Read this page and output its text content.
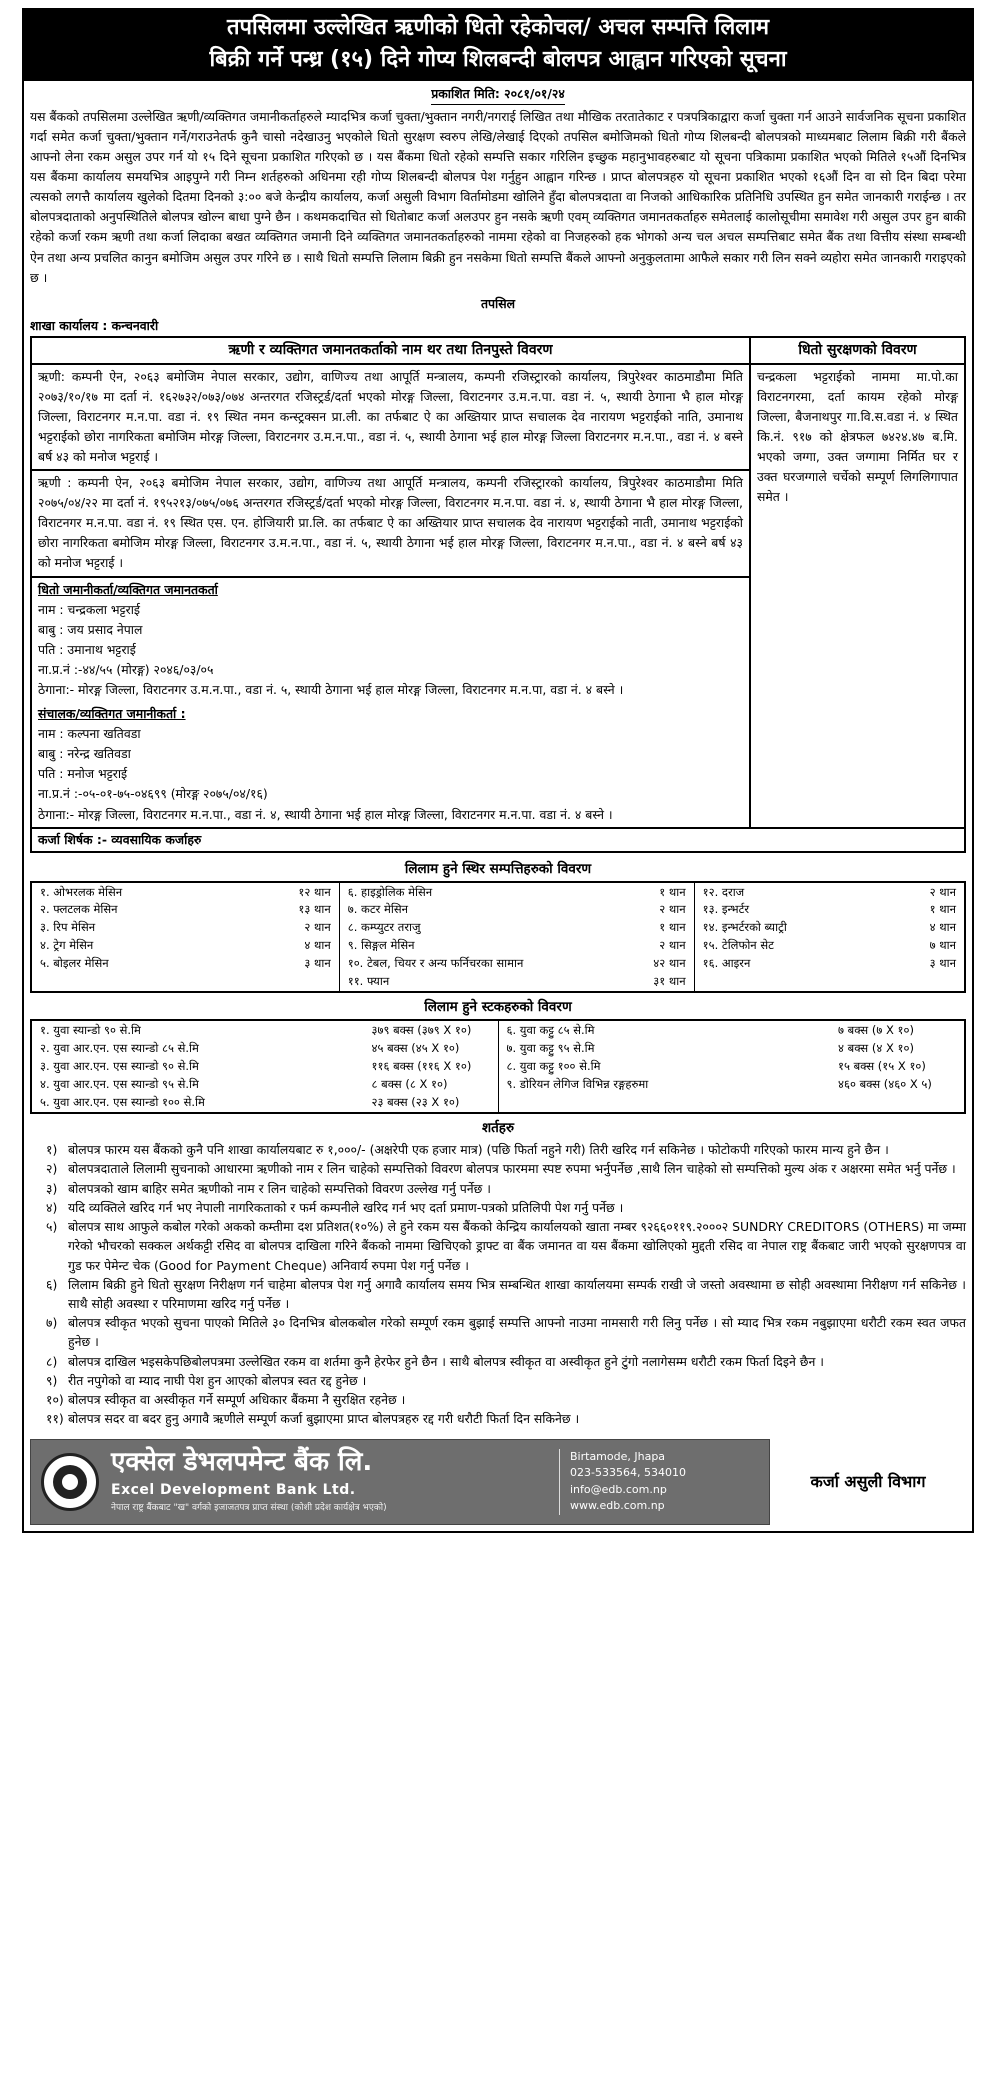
तपसिलमा उल्लेखित ऋणीको धितो रहेकोचल/ अचल सम्पत्ति लिलाम
बिक्री गर्ने पन्ध्र (१५) दिने गोप्य शिलबन्दी बोलपत्र आह्वान गरिएको सूचना
प्रकाशित मिति: २०८१/०१/२४

यस बैंकको तपसिलमा उल्लेखित ऋणी/व्यक्तिगत जमानीकर्ताहरुले म्यादभित्र कर्जा चुक्ता/भुक्तान नगरी/नगराई लिखित तथा मौखिक तरतातेकाट र पत्रपत्रिकाद्वारा कर्जा चुक्ता गर्न आउने सार्वजनिक सूचना प्रकाशित गर्दा समेत कर्जा चुक्ता/भुक्तान गर्ने/गराउनेतर्फ कुनै चासो नदेखाउनु भएकोले धितो सुरक्षण स्वरुप लेखि/लेखाई दिएको तपसिल बमोजिमको धितो गोप्य शिलबन्दी बोलपत्रको माध्यमबाट लिलाम बिक्री गरी बैंकले आफ्नो लेना रकम असुल उपर गर्न यो १५ दिने सूचना प्रकाशित गरिएको छ । यस बैंकमा धितो रहेको सम्पत्ति सकार गरिलिन इच्छुक महानुभावहरुबाट यो सूचना पत्रिकामा प्रकाशित भएको मितिले १५औं दिनभित्र यस बैंकमा कार्यालय समयभित्र आइपुग्ने गरी निम्न शर्तहरुको अधिनमा रही गोप्य शिलबन्दी बोलपत्र पेश गर्नुहुन आह्वान गरिन्छ । प्राप्त बोलपत्रहरु यो सूचना प्रकाशित भएको १६औं दिन वा सो दिन बिदा परेमा त्यसको लगत्तै कार्यालय खुलेको दितमा दिनको ३:०० बजे केन्द्रीय कार्यालय, कर्जा असुली विभाग विर्तामोडमा खोलिने हुँदा बोलपत्रदाता वा निजको आधिकारिक प्रतिनिधि उपस्थित हुन समेत जानकारी गराईन्छ । तर बोलपत्रदाताको अनुपस्थितिले बोलपत्र खोल्न बाधा पुग्ने छैन । कथमकदाचित सो धितोबाट कर्जा अलउपर हुन नसके ऋणी एवम् व्यक्तिगत जमानतकर्ताहरु समेतलाई कालोसूचीमा समावेश गरी असुल उपर हुन बाकी रहेको कर्जा रकम ऋणी तथा कर्जा लिदाका बखत व्यक्तिगत जमानी दिने व्यक्तिगत जमानतकर्ताहरुको नाममा रहेको वा निजहरुको हक भोगको अन्य चल अचल सम्पत्तिबाट समेत बैंक तथा वित्तीय संस्था सम्बन्धी ऐन तथा अन्य प्रचलित कानुन बमोजिम असुल उपर गरिने छ । साथै धितो सम्पत्ति लिलाम बिक्री हुन नसकेमा धितो सम्पत्ति बैंकले आफ्नो अनुकुलतामा आफैले सकार गरी लिन सक्ने व्यहोरा समेत जानकारी गराइएको छ ।

तपसिल
शाखा कार्यालय : कन्चनवारी
ऋणी र व्यक्तिगत जमानतकर्ताको नाम थर तथा तिनपुस्ते विवरण
ऋणी: कम्पनी ऐन, २०६३ बमोजिम नेपाल सरकार, उद्योग, वाणिज्य तथा आपूर्ति मन्त्रालय, कम्पनी रजिस्ट्रारको कार्यालय, त्रिपुरेश्वर काठमाडौमा मिति २०७३/१०/१७ मा दर्ता नं. १६२७३२/०७३/०७४ अन्तरगत रजिस्ट्रर्ड/दर्ता भएको मोरङ्ग जिल्ला, विराटनगर उ.म.न.पा. वडा नं. ५, स्थायी ठेगाना भै हाल मोरङ्ग जिल्ला, विराटनगर म.न.पा. वडा नं. १९ स्थित नमन कन्स्ट्रक्सन प्रा.ली. का तर्फबाट ऐ का अख्तियार प्राप्त सचालक देव नारायण भट्टराईको नाति, उमानाथ भट्टराईको छोरा नागरिकता बमोजिम मोरङ्ग जिल्ला, विराटनगर उ.म.न.पा., वडा नं. ५, स्थायी ठेगाना भई हाल मोरङ्ग जिल्ला विराटनगर म.न.पा., वडा नं. ४ बस्ने बर्ष ४३ को मनोज भट्टराई ।
ऋणी : कम्पनी ऐन, २०६३ बमोजिम नेपाल सरकार, उद्योग, वाणिज्य तथा आपूर्ति मन्त्रालय, कम्पनी रजिस्ट्रारको कार्यालय, त्रिपुरेश्वर काठमाडौमा मिति २०७५/०४/२२ मा दर्ता नं. १९५२१३/०७५/०७६ अन्तरगत रजिस्ट्रर्ड/दर्ता भएको मोरङ्ग जिल्ला, विराटनगर म.न.पा. वडा नं. ४, स्थायी ठेगाना भै हाल मोरङ्ग जिल्ला, विराटनगर म.न.पा. वडा नं. १९ स्थित एस. एन. होजियारी प्रा.लि. का तर्फबाट ऐ का अख्तियार प्राप्त सचालक देव नारायण भट्टराईको नाती, उमानाथ भट्टराईको छोरा नागरिकता बमोजिम मोरङ्ग जिल्ला, विराटनगर उ.म.न.पा., वडा नं. ५, स्थायी ठेगाना भई हाल मोरङ्ग जिल्ला, विराटनगर म.न.पा., वडा नं. ४ बस्ने बर्ष ४३ को मनोज भट्टराई ।
धितो जमानीकर्ता/व्यक्तिगत जमानतकर्ता
नाम : चन्द्रकला भट्टराई
बाबु : जय प्रसाद नेपाल
पति : उमानाथ भट्टराई
ना.प्र.नं :-४४/५५ (मोरङ्ग) २०४६/०३/०५
ठेगाना:- मोरङ्ग जिल्ला, विराटनगर उ.म.न.पा., वडा नं. ५, स्थायी ठेगाना भई हाल मोरङ्ग जिल्ला, विराटनगर म.न.पा, वडा नं. ४ बस्ने ।
संचालक/व्यक्तिगत जमानीकर्ता :
नाम : कल्पना खतिवडा
बाबु : नरेन्द्र खतिवडा
पति : मनोज भट्टराई
ना.प्र.नं :-०५-०१-७५-०४६९९ (मोरङ्ग २०७५/०४/१६)
ठेगाना:- मोरङ्ग जिल्ला, विराटनगर म.न.पा., वडा नं. ४, स्थायी ठेगाना भई हाल मोरङ्ग जिल्ला, विराटनगर म.न.पा. वडा नं. ४ बस्ने ।
धितो सुरक्षणको विवरण
चन्द्रकला भट्टराईको नाममा मा.पो.का विराटनगरमा, दर्ता कायम रहेको मोरङ्ग जिल्ला, बैजनाथपुर गा.वि.स.वडा नं. ४ स्थित कि.नं. ९१७ को क्षेत्रफल ७४२४.४७ ब.मि. भएको जग्गा, उक्त जग्गामा निर्मित घर र उक्त घरजग्गाले चर्चेको सम्पूर्ण लिगलिगापात समेत ।
कर्जा शिर्षक :- व्यवसायिक कर्जाहरु
लिलाम हुने स्थिर सम्पत्तिहरुको विवरण
१. ओभरलक मेसिन	१२ थान
२. फ्लटलक मेसिन	१३ थान
३. रिप मेसिन	२ थान
४. ट्रेग मेसिन	४ थान
५. बोइलर मेसिन	३ थान

६. हाइड्रोलिक मेसिन	१ थान
७. कटर मेसिन	२ थान
८. कम्प्युटर तराजु	१ थान
९. सिङ्गल मेसिन	२ थान
१०. टेबल, चियर र अन्य फर्निचरका सामान	४२ थान
११. फ्यान	३१ थान

१२. दराज	२ थान
१३. इन्भर्टर	१ थान
१४. इन्भर्टरको ब्याट्री	४ थान
१५. टेलिफोन सेट	७ थान
१६. आइरन	३ थान
लिलाम हुने स्टकहरुको विवरण
१. युवा स्यान्डो ९० से.मि	३७९ बक्स (३७९ X १०)
२. युवा आर.एन. एस स्यान्डो ८५ से.मि	४५ बक्स (४५ X १०)
३. युवा आर.एन. एस स्यान्डो ९० से.मि	११६ बक्स (११६ X १०)
४. युवा आर.एन. एस स्यान्डो ९५ से.मि	८ बक्स (८ X १०)
५. युवा आर.एन. एस स्यान्डो १०० से.मि	२३ बक्स (२३ X १०)

६. युवा कट्टु ८५ से.मि	७ बक्स (७ X १०)
७. युवा कट्टु ९५ से.मि	४ बक्स (४ X १०)
८. युवा कट्टु १०० से.मि	१५ बक्स (१५ X १०)
९. डोरियन लेगिज विभिन्न रङ्गहरुमा	४६० बक्स (४६० X ५)
शर्तहरु
१) बोलपत्र फारम यस बैंकको कुनै पनि शाखा कार्यालयबाट रु १,०००/- (अक्षरेपी एक हजार मात्र) (पछि फिर्ता नहुने गरी) तिरी खरिद गर्न सकिनेछ । फोटोकपी गरिएको फारम मान्य हुने छैन ।
२) बोलपत्रदाताले लिलामी सुचनाको आधारमा ऋणीको नाम र लिन चाहेको सम्पत्तिको विवरण बोलपत्र फारममा स्पष्ट रुपमा भर्नुपर्नेछ ,साथै लिन चाहेको सो सम्पत्तिको मुल्य अंक र अक्षरमा समेत भर्नु पर्नेछ ।
३) बोलपत्रको खाम बाहिर समेत ऋणीको नाम र लिन चाहेको सम्पत्तिको विवरण उल्लेख गर्नु पर्नेछ ।
४) यदि व्यक्तिले खरिद गर्न भए नेपाली नागरिकताको र फर्म कम्पनीले खरिद गर्न भए दर्ता प्रमाण-पत्रको प्रतिलिपी पेश गर्नु पर्नेछ ।
५) बोलपत्र साथ आफुले कबोल गरेको अकको कम्तीमा दश प्रतिशत(१०%) ले हुने रकम यस बैंकको केन्द्रिय कार्यालयको खाता नम्बर ९२६६०११९.२०००२ SUNDRY CREDITORS (OTHERS) मा जम्मा गरेको भौचरको सक्कल अर्थकट्टी रसिद वा बोलपत्र दाखिला गरिने बैंकको नाममा खिचिएको ड्राफ्ट वा बैंक जमानत वा यस बैंकमा खोलिएको मुद्दती रसिद वा नेपाल राष्ट्र बैंकबाट जारी भएको सुरक्षणपत्र वा गुड फर पेमेन्ट चेक (Good for Payment Cheque) अनिवार्य रुपमा पेश गर्नु पर्नेछ ।
६) लिलाम बिक्री हुने धितो सुरक्षण निरीक्षण गर्न चाहेमा बोलपत्र पेश गर्नु अगावै कार्यालय समय भित्र सम्बन्धित शाखा कार्यालयमा सम्पर्क राखी जे जस्तो अवस्थामा छ सोही अवस्थामा निरीक्षण गर्न सकिनेछ । साथै सोही अवस्था र परिमाणमा खरिद गर्नु पर्नेछ ।
७) बोलपत्र स्वीकृत भएको सुचना पाएको मितिले ३० दिनभित्र बोलकबोल गरेको सम्पूर्ण रकम बुझाई सम्पत्ति आफ्नो नाउमा नामसारी गरी लिनु पर्नेछ । सो म्याद भित्र रकम नबुझाएमा धरौटी रकम स्वत जफत हुनेछ ।
८) बोलपत्र दाखिल भइसकेपछिबोलपत्रमा उल्लेखित रकम वा शर्तमा कुनै हेरफेर हुने छैन । साथै बोलपत्र स्वीकृत वा अस्वीकृत हुने टुंगो नलागेसम्म धरौटी रकम फिर्ता दिइने छैन ।
९) रीत नपुगेको वा म्याद नाघी पेश हुन आएको बोलपत्र स्वत रद्द हुनेछ ।
१०) बोलपत्र स्वीकृत वा अस्वीकृत गर्ने सम्पूर्ण अधिकार बैंकमा नै सुरक्षित रहनेछ ।
११) बोलपत्र सदर वा बदर हुनु अगावै ऋणीले सम्पूर्ण कर्जा बुझाएमा प्राप्त बोलपत्रहरु रद्द गरी धरौटी फिर्ता दिन सकिनेछ ।
एक्सेल डेभलपमेन्ट बैंक लि.
Excel Development Bank Ltd.
नेपाल राष्ट्र बैंकबाट "ख" वर्गको इजाजतपत्र प्राप्त संस्था (कोशी प्रदेश कार्यक्षेत्र भएको)
Birtamode, Jhapa
023-533564, 534010
info@edb.com.np
www.edb.com.np
कर्जा असुली विभाग
